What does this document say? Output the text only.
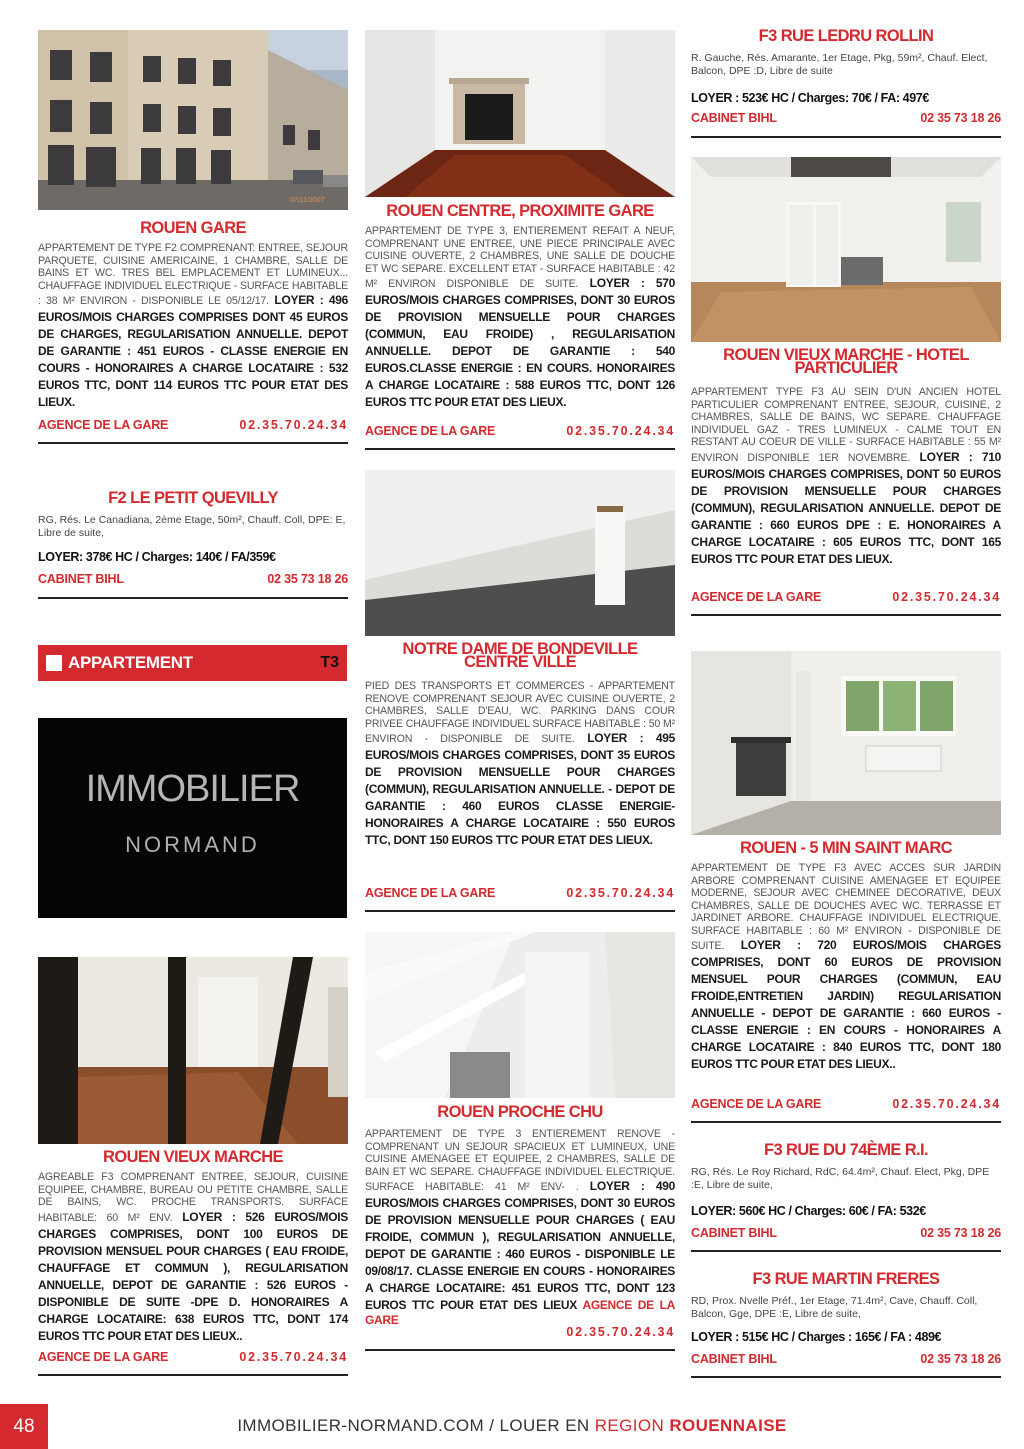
07/11/2007
ROUEN GARE
APPARTEMENT DE TYPE F2 COMPRENANT: ENTREE, SEJOUR PARQUETE, CUISINE AMERICAINE, 1 CHAMBRE, SALLE DE BAINS ET WC. TRES BEL EMPLACEMENT ET LUMINEUX... CHAUFFAGE INDIVIDUEL ELECTRIQUE - SURFACE HABITABLE : 38 M² ENVIRON - DISPONIBLE LE 05/12/17. LOYER : 496 EUROS/MOIS CHARGES COMPRISES DONT 45 EUROS DE CHARGES, REGULARISATION ANNUELLE. DEPOT DE GARANTIE : 451 EUROS - CLASSE ENERGIE EN COURS - HONORAIRES A CHARGE LOCATAIRE : 532 EUROS TTC, DONT 114 EUROS TTC POUR ETAT DES LIEUX.
AGENCE DE LA GARE	02.35.70.24.34
F2 LE PETIT QUEVILLY
RG, Rés. Le Canadiana, 2ème Etage, 50m², Chauff. Coll, DPE: E, Libre de suite,
LOYER: 378€ HC / Charges: 140€ / FA/359€
CABINET BIHL	02 35 73 18 26
ROUEN VIEUX MARCHE
AGREABLE F3 COMPRENANT ENTREE, SEJOUR, CUISINE EQUIPEE, CHAMBRE, BUREAU OU PETITE CHAMBRE, SALLE DE BAINS, WC. PROCHE TRANSPORTS. SURFACE HABITABLE: 60 M² ENV. LOYER : 526 EUROS/MOIS CHARGES COMPRISES, DONT 100 EUROS DE PROVISION MENSUEL POUR CHARGES ( EAU FROIDE, CHAUFFAGE ET COMMUN ), REGULARISATION ANNUELLE, DEPOT DE GARANTIE : 526 EUROS - DISPONIBLE DE SUITE -DPE D. HONORAIRES A CHARGE LOCATAIRE: 638 EUROS TTC, DONT 174 EUROS TTC POUR ETAT DES LIEUX..
AGENCE DE LA GARE	02.35.70.24.34
APPARTEMENT	T3
IMMOBILIER
NORMAND
ROUEN CENTRE, PROXIMITE GARE
APPARTEMENT DE TYPE 3, ENTIEREMENT REFAIT A NEUF, COMPRENANT UNE ENTREE, UNE PIECE PRINCIPALE AVEC CUISINE OUVERTE, 2 CHAMBRES, UNE SALLE DE DOUCHE ET WC SEPARE. EXCELLENT ETAT - SURFACE HABITABLE : 42 M² ENVIRON DISPONIBLE DE SUITE. LOYER : 570 EUROS/MOIS CHARGES COMPRISES, DONT 30 EUROS DE PROVISION MENSUELLE POUR CHARGES (COMMUN, EAU FROIDE) , REGULARISATION ANNUELLE. DEPOT DE GARANTIE : 540 EUROS.CLASSE ENERGIE : EN COURS. HONORAIRES A CHARGE LOCATAIRE : 588 EUROS TTC, DONT 126 EUROS TTC POUR ETAT DES LIEUX.
AGENCE DE LA GARE	02.35.70.24.34
NOTRE DAME DE BONDEVILLE
CENTRE VILLE
PIED DES TRANSPORTS ET COMMERCES - APPARTEMENT RENOVE COMPRENANT SEJOUR AVEC CUISINE OUVERTE, 2 CHAMBRES, SALLE D'EAU, WC. PARKING DANS COUR PRIVEE CHAUFFAGE INDIVIDUEL SURFACE HABITABLE : 50 M² ENVIRON - DISPONIBLE DE SUITE. LOYER : 495 EUROS/MOIS CHARGES COMPRISES, DONT 35 EUROS DE PROVISION MENSUELLE POUR CHARGES (COMMUN), REGULARISATION ANNUELLE. - DEPOT DE GARANTIE : 460 EUROS CLASSE ENERGIE- HONORAIRES A CHARGE LOCATAIRE : 550 EUROS TTC, DONT 150 EUROS TTC POUR ETAT DES LIEUX.
AGENCE DE LA GARE	02.35.70.24.34
ROUEN PROCHE CHU
APPARTEMENT DE TYPE 3 ENTIEREMENT RENOVE - COMPRENANT UN SEJOUR SPACIEUX ET LUMINEUX, UNE CUISINE AMENAGEE ET EQUIPEE, 2 CHAMBRES, SALLE DE BAIN ET WC SEPARE. CHAUFFAGE INDIVIDUEL ELECTRIQUE. SURFACE HABITABLE: 41 M² ENV- . LOYER : 490 EUROS/MOIS CHARGES COMPRISES, DONT 30 EUROS DE PROVISION MENSUELLE POUR CHARGES ( EAU FROIDE, COMMUN ), REGULARISATION ANNUELLE, DEPOT DE GARANTIE : 460 EUROS - DISPONIBLE LE 09/08/17. CLASSE ENERGIE EN COURS - HONORAIRES A CHARGE LOCATAIRE: 451 EUROS TTC, DONT 123 EUROS TTC POUR ETAT DES LIEUX AGENCE DE LA GARE
02.35.70.24.34
F3 RUE LEDRU ROLLIN
R. Gauche, Rés. Amarante, 1er Etage, Pkg, 59m², Chauf. Elect, Balcon, DPE :D, Libre de suite
LOYER : 523€ HC / Charges: 70€ / FA: 497€
CABINET BIHL	02 35 73 18 26
ROUEN VIEUX MARCHE - HOTEL
PARTICULIER
APPARTEMENT TYPE F3 AU SEIN D'UN ANCIEN HOTEL PARTICULIER COMPRENANT ENTREE, SEJOUR, CUISINE, 2 CHAMBRES, SALLE DE BAINS, WC SEPARE. CHAUFFAGE INDIVIDUEL GAZ - TRES LUMINEUX - CALME TOUT EN RESTANT AU COEUR DE VILLE - SURFACE HABITABLE : 55 M² ENVIRON DISPONIBLE 1ER NOVEMBRE. LOYER : 710 EUROS/MOIS CHARGES COMPRISES, DONT 50 EUROS DE PROVISION MENSUELLE POUR CHARGES (COMMUN), REGULARISATION ANNUELLE. DEPOT DE GARANTIE : 660 EUROS DPE : E. HONORAIRES A CHARGE LOCATAIRE : 605 EUROS TTC, DONT 165 EUROS TTC POUR ETAT DES LIEUX.
AGENCE DE LA GARE	02.35.70.24.34
ROUEN - 5 MIN SAINT MARC
APPARTEMENT DE TYPE F3 AVEC ACCES SUR JARDIN ARBORE COMPRENANT CUISINE AMENAGEE ET EQUIPEE MODERNE, SEJOUR AVEC CHEMINEE DECORATIVE, DEUX CHAMBRES, SALLE DE DOUCHES AVEC WC. TERRASSE ET JARDINET ARBORE. CHAUFFAGE INDIVIDUEL ELECTRIQUE. SURFACE HABITABLE : 60 M² ENVIRON - DISPONIBLE DE SUITE. LOYER : 720 EUROS/MOIS CHARGES COMPRISES, DONT 60 EUROS DE PROVISION MENSUEL POUR CHARGES (COMMUN, EAU FROIDE,ENTRETIEN JARDIN) REGULARISATION ANNUELLE - DEPOT DE GARANTIE : 660 EUROS - CLASSE ENERGIE : EN COURS - HONORAIRES A CHARGE LOCATAIRE : 840 EUROS TTC, DONT 180 EUROS TTC POUR ETAT DES LIEUX..
AGENCE DE LA GARE	02.35.70.24.34
F3 RUE DU 74ÈME R.I.
RG, Rés. Le Roy Richard, RdC, 64.4m², Chauf. Elect, Pkg, DPE :E, Libre de suite,
LOYER: 560€ HC / Charges: 60€ / FA: 532€
CABINET BIHL	02 35 73 18 26
F3 RUE MARTIN FRERES
RD, Prox. Nvelle Préf., 1er Etage, 71.4m², Cave, Chauff. Coll, Balcon, Gge, DPE :E, Libre de suite,
LOYER : 515€ HC / Charges : 165€ / FA : 489€
CABINET BIHL	02 35 73 18 26
48	IMMOBILIER-NORMAND.COM / LOUER EN REGION ROUENNAISE
